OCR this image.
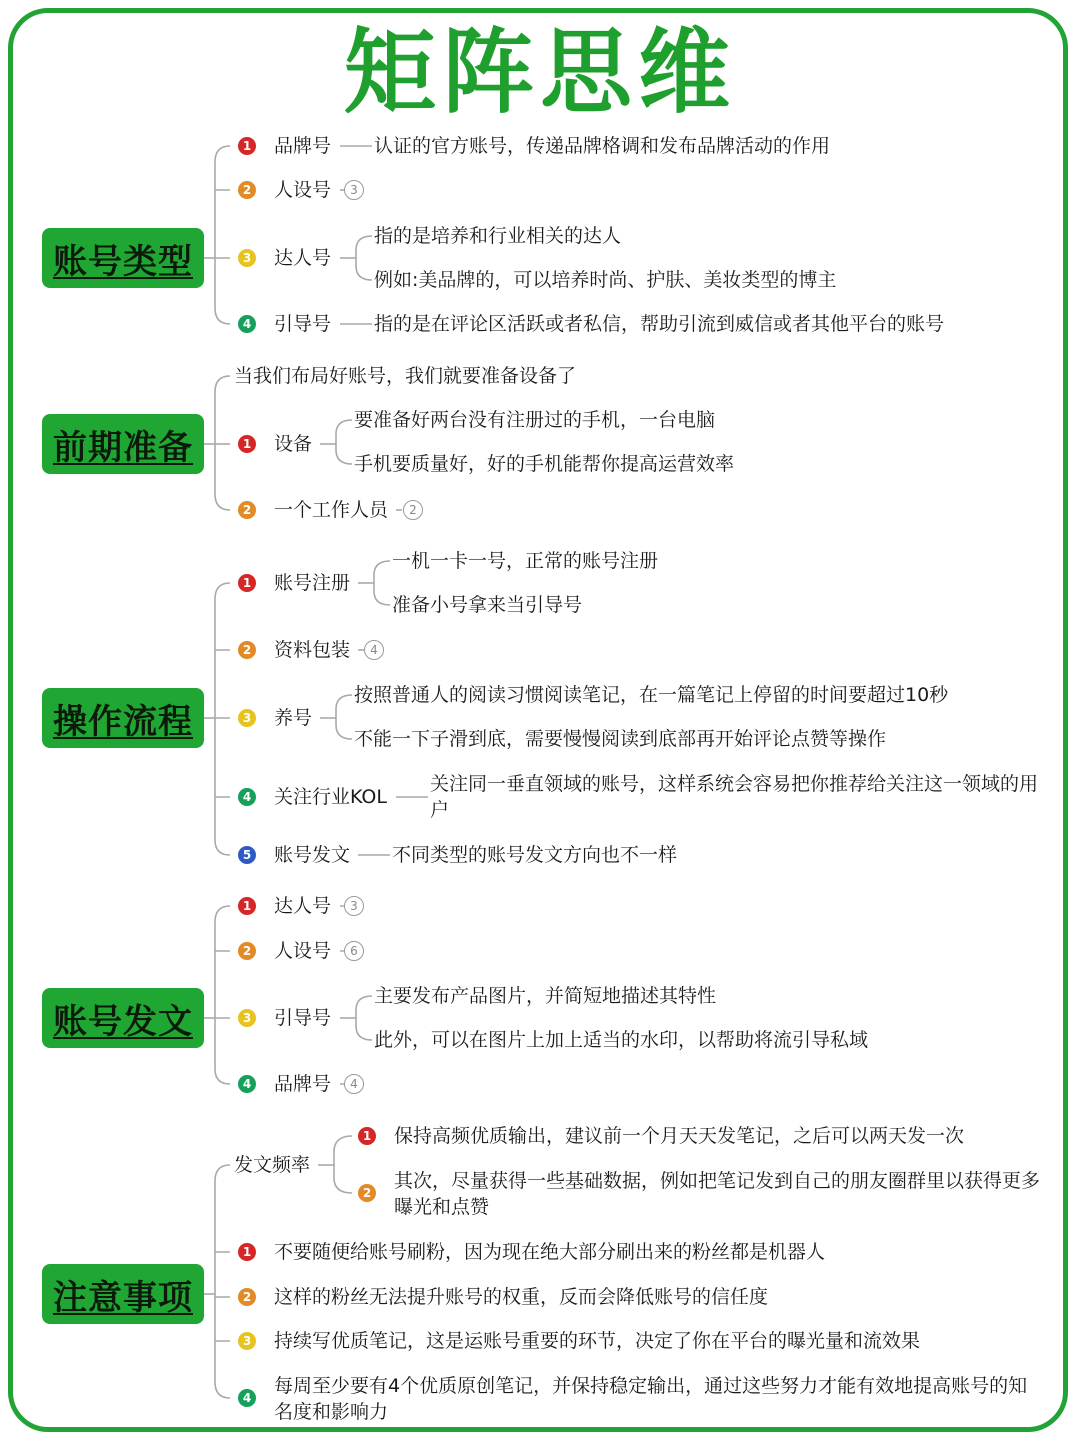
矩阵思维
账号类型
1 品牌号 认证的官方账号，传递品牌格调和发布品牌活动的作用
2 人设号	3
3 达人号
指的是培养和行业相关的达人
例如:美品牌的，可以培养时尚、护肤、美妆类型的博主
4 引导号 指的是在评论区活跃或者私信，帮助引流到威信或者其他平台的账号
前期准备
当我们布局好账号，我们就要准备设备了
1 设备
要准备好两台没有注册过的手机，一台电脑
手机要质量好，好的手机能帮你提高运营效率
2 一个工作人员	2
操作流程
1 账号注册
一机一卡一号，正常的账号注册
准备小号拿来当引导号
2 资料包装	4
3 养号
按照普通人的阅读习惯阅读笔记，在一篇笔记上停留的时间要超过10秒
不能一下子滑到底，需要慢慢阅读到底部再开始评论点赞等操作
4 关注行业KOL
关注同一垂直领域的账号，这样系统会容易把你推荐给关注这一领域的用户
5 账号发文 不同类型的账号发文方向也不一样
账号发文
1 达人号	3
2 人设号	6
3 引导号
主要发布产品图片，并简短地描述其特性
此外，可以在图片上加上适当的水印，以帮助将流引导私域
4 品牌号	4
注意事项
发文频率
1 保持高频优质输出，建议前一个月天天发笔记，之后可以两天发一次
2
其次，尽量获得一些基础数据，例如把笔记发到自己的朋友圈群里以获得更多曝光和点赞
1 不要随便给账号刷粉，因为现在绝大部分刷出来的粉丝都是机器人
2 这样的粉丝无法提升账号的权重，反而会降低账号的信任度
3 持续写优质笔记，这是运账号重要的环节，决定了你在平台的曝光量和流效果
4
每周至少要有4个优质原创笔记，并保持稳定输出，通过这些努力才能有效地提高账号的知名度和影响力
